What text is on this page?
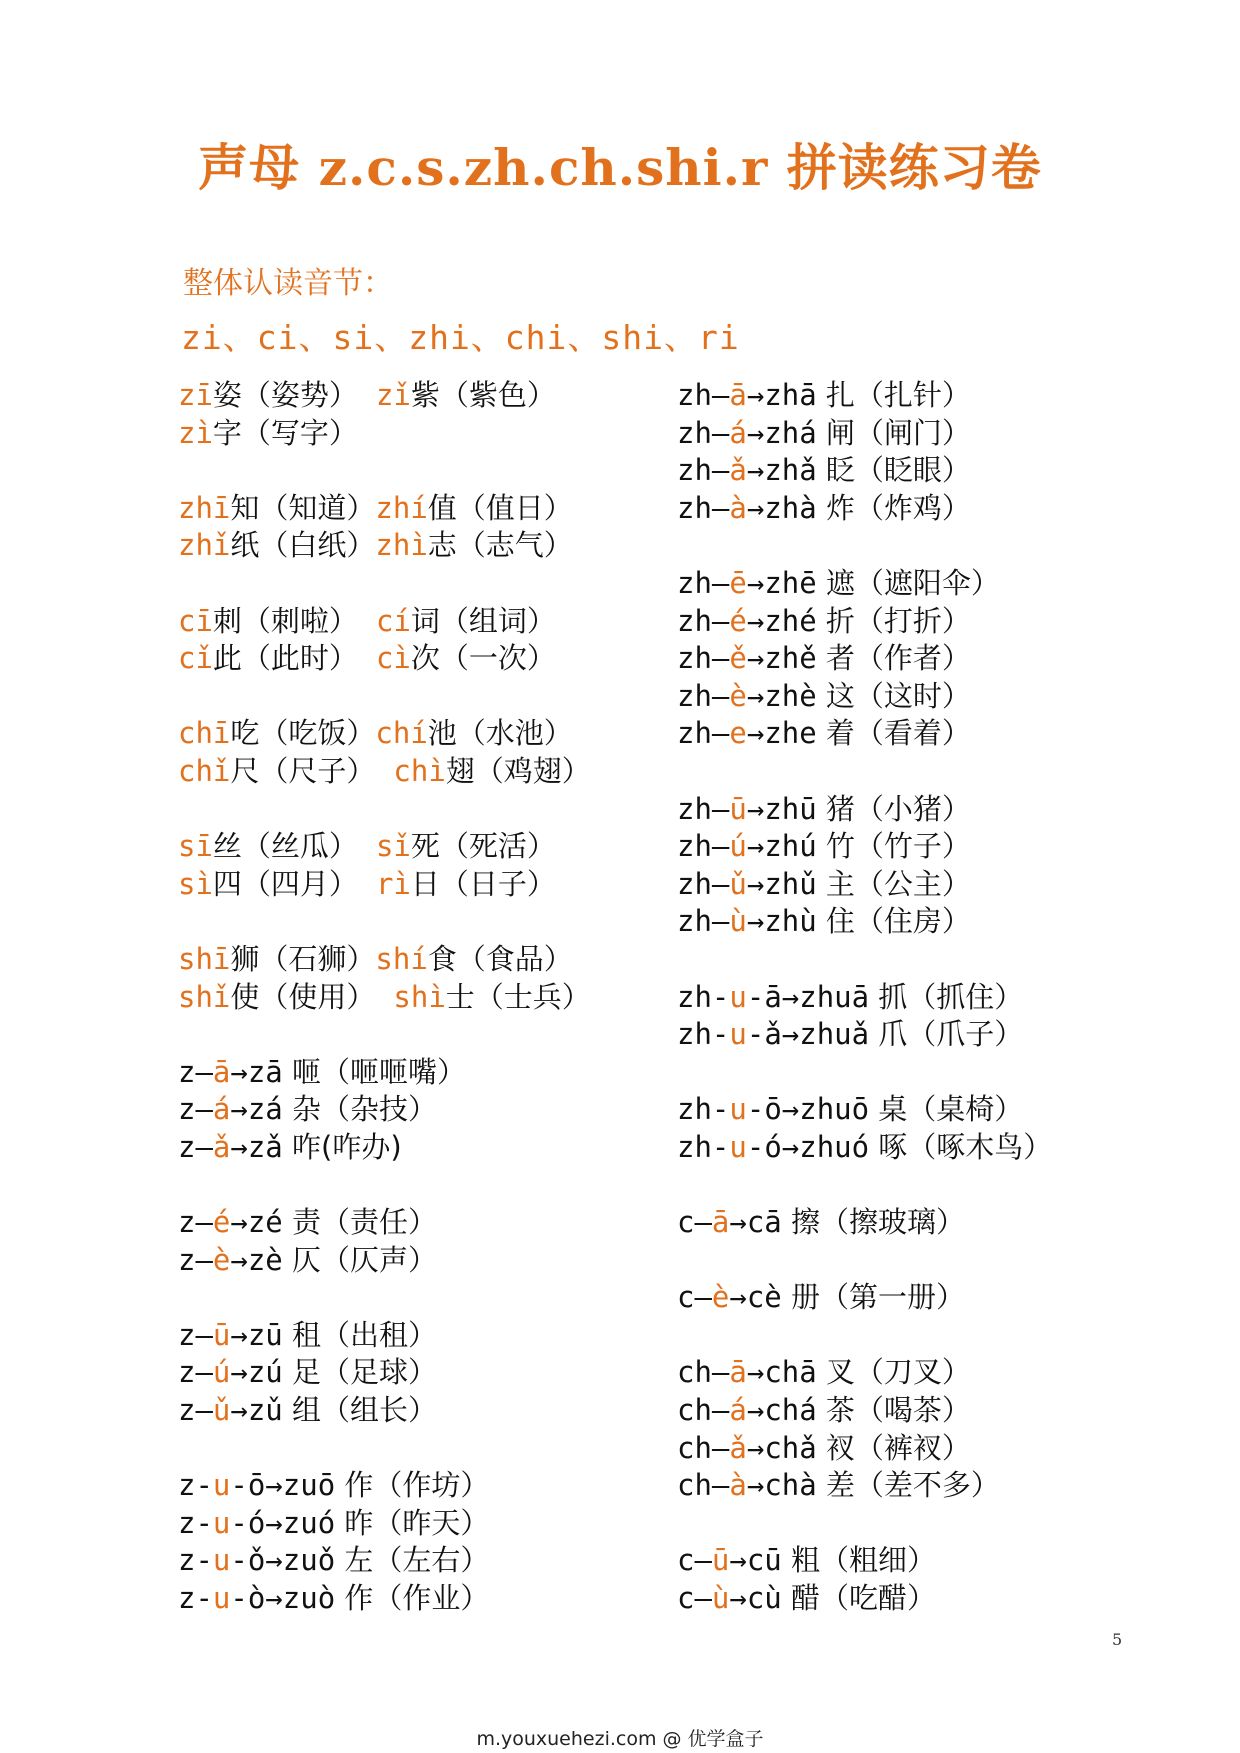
声母 z.c.s.zh.ch.shi.r 拼读练习卷
整体认读音节：
zi、ci、si、zhi、chi、shi、ri
zī姿（姿势） zǐ紫（紫色）
zì字（写字）
zhī知（知道）zhí值（值日）
zhǐ纸（白纸）zhì志（志气）
cī刺（刺啦） cí词（组词）
cǐ此（此时） cì次（一次）
chī吃（吃饭）chí池（水池）
chǐ尺（尺子） chì翅（鸡翅）
sī丝（丝瓜） sǐ死（死活）
sì四（四月） rì日（日子）
shī狮（石狮）shí食（食品）
shǐ使（使用） shì士（士兵）
z—ā→zā 咂（咂咂嘴）
z—á→zá 杂（杂技）
z—ǎ→zǎ 咋(咋办)
z—é→zé 责（责任）
z—è→zè 仄（仄声）
z—ū→zū 租（出租）
z—ú→zú 足（足球）
z—ǔ→zǔ 组（组长）
z-u-ō→zuō 作（作坊）
z-u-ó→zuó 昨（昨天）
z-u-ǒ→zuǒ 左（左右）
z-u-ò→zuò 作（作业）
zh—ā→zhā 扎（扎针）
zh—á→zhá 闸（闸门）
zh—ǎ→zhǎ 眨（眨眼）
zh—à→zhà 炸（炸鸡）
zh—ē→zhē 遮（遮阳伞）
zh—é→zhé 折（打折）
zh—ě→zhě 者（作者）
zh—è→zhè 这（这时）
zh—e→zhe 着（看着）
zh—ū→zhū 猪（小猪）
zh—ú→zhú 竹（竹子）
zh—ǔ→zhǔ 主（公主）
zh—ù→zhù 住（住房）
zh-u-ā→zhuā 抓（抓住）
zh-u-ǎ→zhuǎ 爪（爪子）
zh-u-ō→zhuō 桌（桌椅）
zh-u-ó→zhuó 啄（啄木鸟）
c—ā→cā 擦（擦玻璃）
c—è→cè 册（第一册）
ch—ā→chā 叉（刀叉）
ch—á→chá 茶（喝茶）
ch—ǎ→chǎ 衩（裤衩）
ch—à→chà 差（差不多）
c—ū→cū 粗（粗细）
c—ù→cù 醋（吃醋）
5
m.youxuehezi.com @ 优学盒子
